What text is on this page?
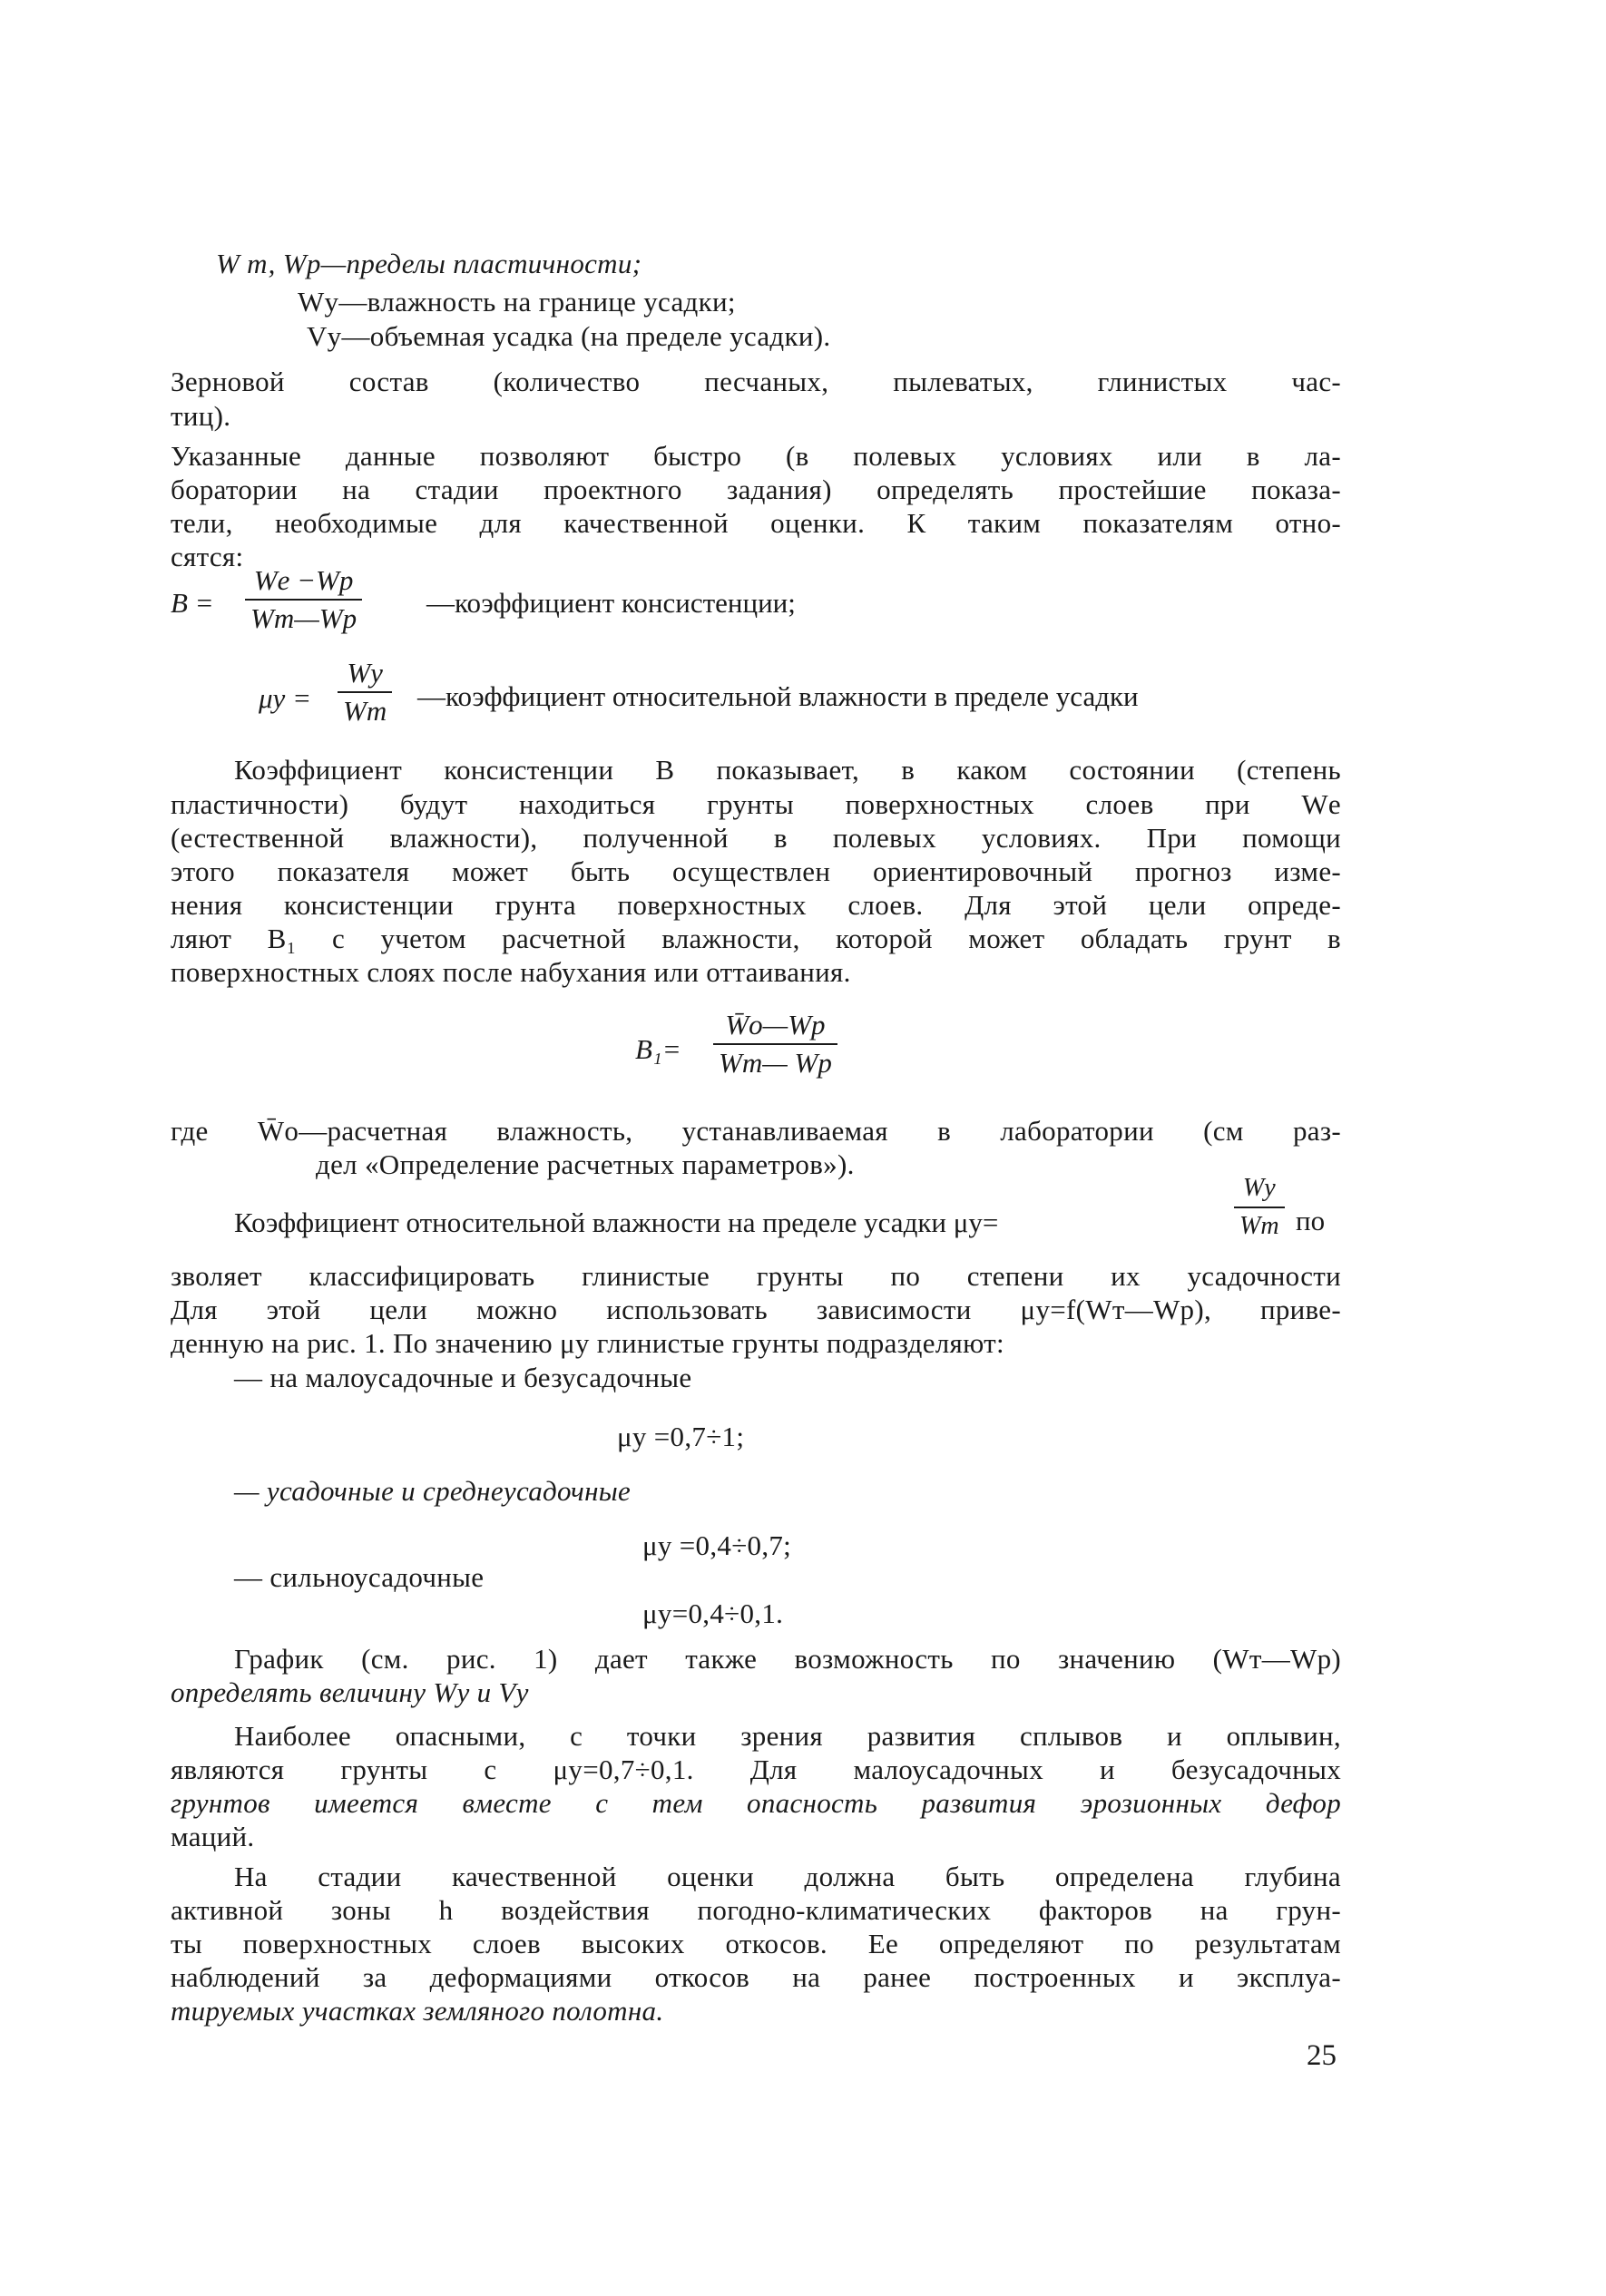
W т, Wр—пределы пластичности;
Wу—влажность на границе усадки;
Vу—объемная усадка (на пределе усадки).
Зерновой состав (количество песчаных, пылеватых, глинистых час-
тиц).
Указанные данные позволяют быстро (в полевых условиях или в ла-
боратории на стадии проектного задания) определять простейшие показа-
тели, необходимые для качественной оценки. К таким показателям отно-
сятся:
B =
Wе −Wр
Wт—Wр —коэффициент консистенции;
μу =
Wу
Wт —коэффициент относительной влажности в пределе усадки
Коэффициент консистенции B показывает, в каком состоянии (степень
пластичности) будут находиться грунты поверхностных слоев при Wе
(естественной влажности), полученной в полевых условиях. При помощи
этого показателя может быть осуществлен ориентировочный прогноз изме-
нения консистенции грунта поверхностных слоев. Для этой цели опреде-
ляют B₁ с учетом расчетной влажности, которой может обладать грунт в
поверхностных слоях после набухания или оттаивания.
B₁=
W̄о—Wр
Wт— Wр
где W̄о—расчетная влажность, устанавливаемая в лаборатории (см раз-
дел «Определение расчетных параметров»).
Коэффициент относительной влажности на пределе усадки μу=
Wу
Wт по
зволяет классифицировать глинистые грунты по степени их усадочности
Для этой цели можно использовать зависимости μу=f(Wт—Wр), приве-
денную на рис. 1. По значению μу глинистые грунты подразделяют:
— на малоусадочные и безусадочные
μу =0,7÷1;
— усадочные и среднеусадочные
μу =0,4÷0,7;
— сильноусадочные
μу=0,4÷0,1.
График (см. рис. 1) дает также возможность по значению (Wт—Wр)
определять величину Wу и Vу
Наиболее опасными, с точки зрения развития сплывов и оплывин,
являются грунты с μу=0,7÷0,1. Для малоусадочных и безусадочных
грунтов имеется вместе с тем опасность развития эрозионных дефор
маций.
На стадии качественной оценки должна быть определена глубина
активной зоны h воздействия погодно-климатических факторов на грун-
ты поверхностных слоев высоких откосов. Ее определяют по результатам
наблюдений за деформациями откосов на ранее построенных и эксплуа-
тируемых участках земляного полотна.
25
